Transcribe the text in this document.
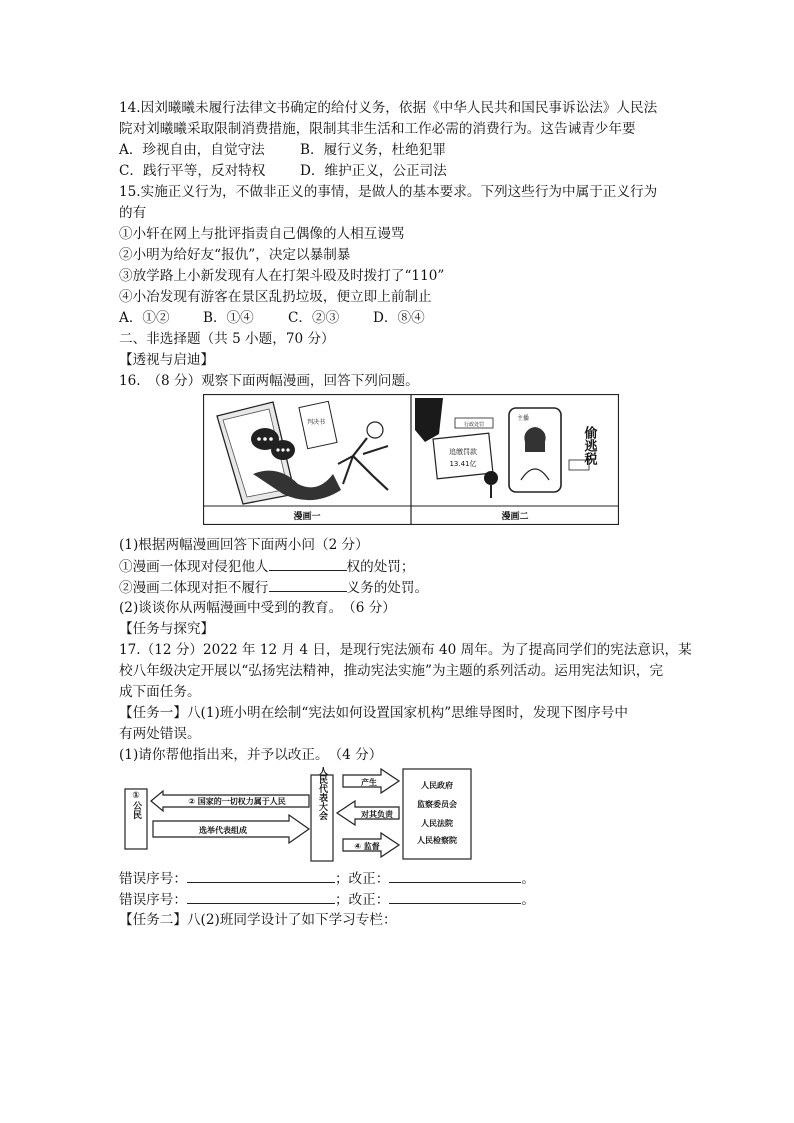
14.因刘曦曦未履行法律文书确定的给付义务，依据《中华人民共和国民事诉讼法》人民法
院对刘曦曦采取限制消费措施，限制其非生活和工作必需的消费行为。这告诫青少年要
A．珍视自由，自觉守法	B．履行义务，杜绝犯罪
C．践行平等，反对特权	D．维护正义，公正司法
15.实施正义行为，不做非正义的事情，是做人的基本要求。下列这些行为中属于正义行为
的有
①小轩在网上与批评指责自己偶像的人相互谩骂
②小明为给好友“报仇”，决定以暴制暴
③放学路上小新发现有人在打架斗殴及时拨打了“110”
④小冶发现有游客在景区乱扔垃圾，便立即上前制止
A．①② B．①④	C．②③ D．⑧④
二、非选择题（共 5 小题，70 分）
【透视与启迪】
16.　（8 分）观察下面两幅漫画，回答下列问题。
判决书
漫画一
追缴罚款
13.41亿
行政处罚
主播
偷逃税
漫画二
(1)根据两幅漫画回答下面两小问（2 分）
①漫画一体现对侵犯他人	权的处罚；
②漫画二体现对拒不履行	义务的处罚。
(2)谈谈你从两幅漫画中受到的教育。　（6 分）
【任务与探究】
17.（12 分）2022 年 12 月 4 日，是现行宪法颁布 40 周年。为了提高同学们的宪法意识，某
校八年级决定开展以“弘扬宪法精神，推动宪法实施”为主题的系列活动。运用宪法知识，完
成下面任务。
【任务一】八(1)班小明在绘制“宪法如何设置国家机构”思维导图时，发现下图序号中
有两处错误。
(1)请你帮他指出来，并予以改正。　（4 分）
①公民	② 国家的一切权力属于人民
选举代表组成
③全国人民代表大会	产生
对其负责
④ 监督
人民政府
监察委员会
人民法院
人民检察院
错误序号：	；改正：	。
错误序号：	；改正：	。
【任务二】八(2)班同学设计了如下学习专栏：
